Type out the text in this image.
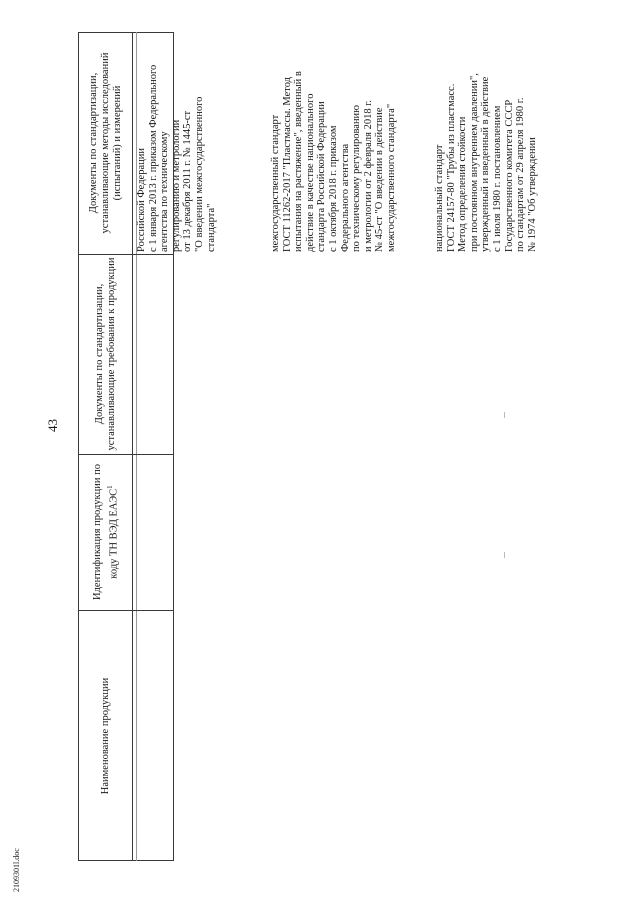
43
2109301l.doc
Документы по стандартизации, устанавливающие методы исследований (испытаний) и измерений
Документы по стандартизации, устанавливающие требования к продукции
Идентификация продукции по коду ТН ВЭД ЕАЭС$^1$
Наименование продукции
Российской Федерации
с 1 января 2013 г. приказом Федерального
агентства по техническому
регулированию и метрологии
от 13 декабря 2011 г. № 1445-ст
"О введении межгосударственного
стандарта"	межгосударственный стандарт
ГОСТ 11262-2017 "Пластмассы. Метод
испытания на растяжение", введенный в
действие в качестве национального
стандарта Российской Федерации
с 1 октября 2018 г. приказом
Федерального агентства
по техническому регулированию
и метрологии от 2 февраля 2018 г.
№ 45-ст "О введении в действие
межгосударственного стандарта"
национальный стандарт
ГОСТ 24157-80 "Трубы из пластмасс.
Метод определения стойкости
при постоянном внутреннем давлении",
утвержденный и введенный в действие
с 1 июля 1980 г. постановлением
Государственного комитета СССР
по стандартам от 29 апреля 1980 г.
№ 1974 "Об утверждении
